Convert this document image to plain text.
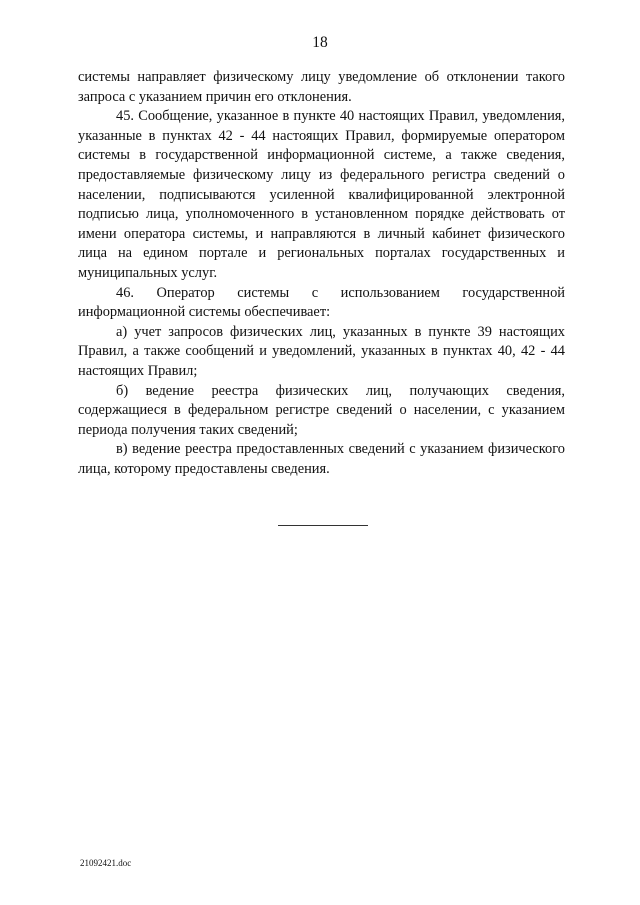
18

системы направляет физическому лицу уведомление об отклонении такого запроса с указанием причин его отклонения.

45. Сообщение, указанное в пункте 40 настоящих Правил, уведомления, указанные в пунктах 42 - 44 настоящих Правил, формируемые оператором системы в государственной информационной системе, а также сведения, предоставляемые физическому лицу из федерального регистра сведений о населении, подписываются усиленной квалифицированной электронной подписью лица, уполномоченного в установленном порядке действовать от имени оператора системы, и направляются в личный кабинет физического лица на едином портале и региональных порталах государственных и муниципальных услуг.

46. Оператор системы с использованием государственной информационной системы обеспечивает:

а) учет запросов физических лиц, указанных в пункте 39 настоящих Правил, а также сообщений и уведомлений, указанных в пунктах 40, 42 - 44 настоящих Правил;

б) ведение реестра физических лиц, получающих сведения, содержащиеся в федеральном регистре сведений о населении, с указанием периода получения таких сведений;

в) ведение реестра предоставленных сведений с указанием физического лица, которому предоставлены сведения.

21092421.doc
